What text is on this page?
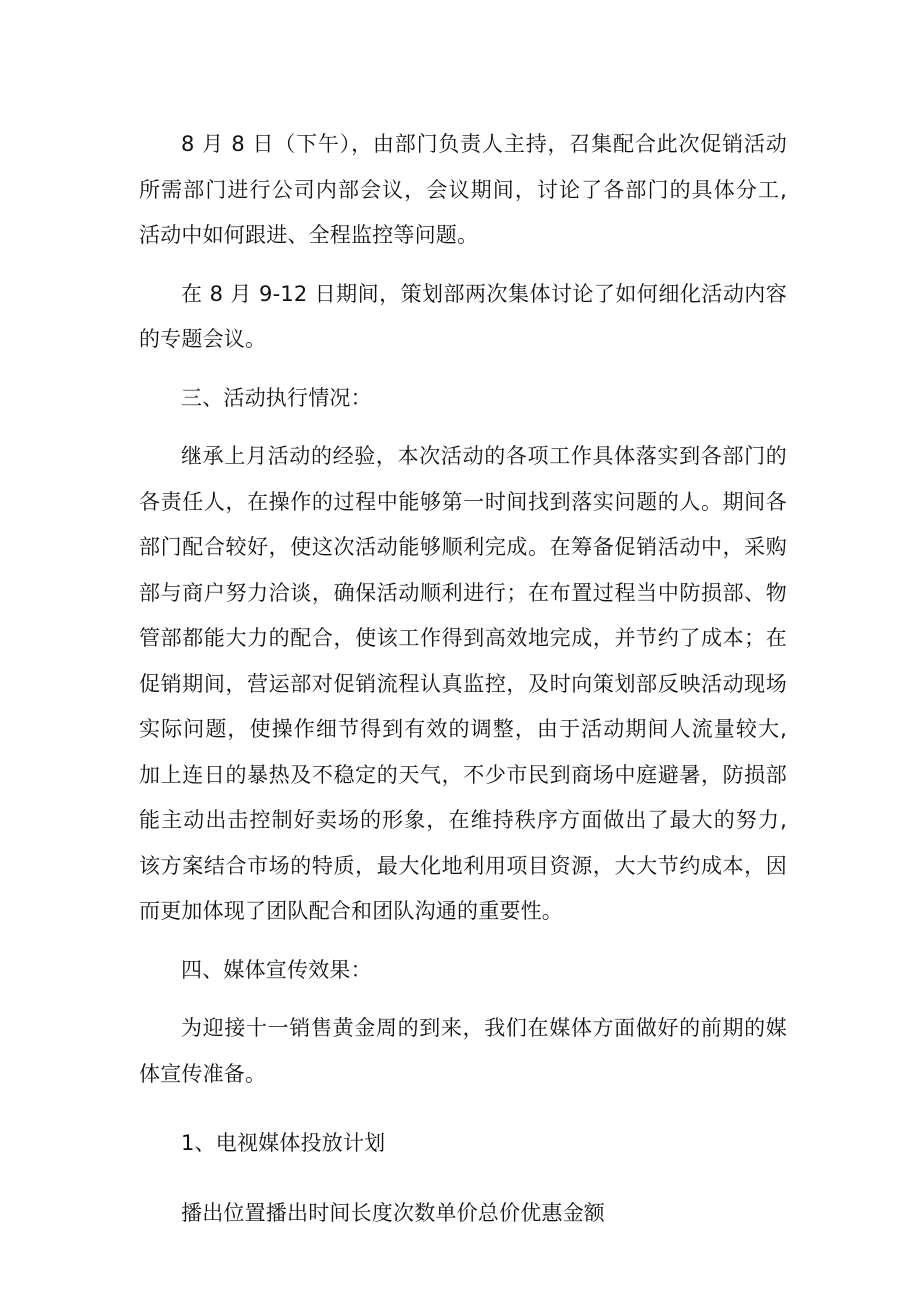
8 月 8 日（下午），由部门负责人主持，召集配合此次促销活动所需部门进行公司内部会议，会议期间，讨论了各部门的具体分工, 活动中如何跟进、全程监控等问题。

在 8 月 9-12 日期间，策划部两次集体讨论了如何细化活动内容的专题会议。

三、活动执行情况：

继承上月活动的经验，本次活动的各项工作具体落实到各部门的各责任人，在操作的过程中能够第一时间找到落实问题的人。期间各部门配合较好，使这次活动能够顺利完成。在筹备促销活动中，采购部与商户努力洽谈，确保活动顺利进行；在布置过程当中防损部、物管部都能大力的配合，使该工作得到高效地完成，并节约了成本；在促销期间，营运部对促销流程认真监控，及时向策划部反映活动现场实际问题，使操作细节得到有效的调整，由于活动期间人流量较大, 加上连日的暴热及不稳定的天气，不少市民到商场中庭避暑，防损部能主动出击控制好卖场的形象，在维持秩序方面做出了最大的努力, 该方案结合市场的特质，最大化地利用项目资源，大大节约成本，因而更加体现了团队配合和团队沟通的重要性。

四、媒体宣传效果：

为迎接十一销售黄金周的到来，我们在媒体方面做好的前期的媒体宣传准备。

1、电视媒体投放计划

播出位置播出时间长度次数单价总价优惠金额
